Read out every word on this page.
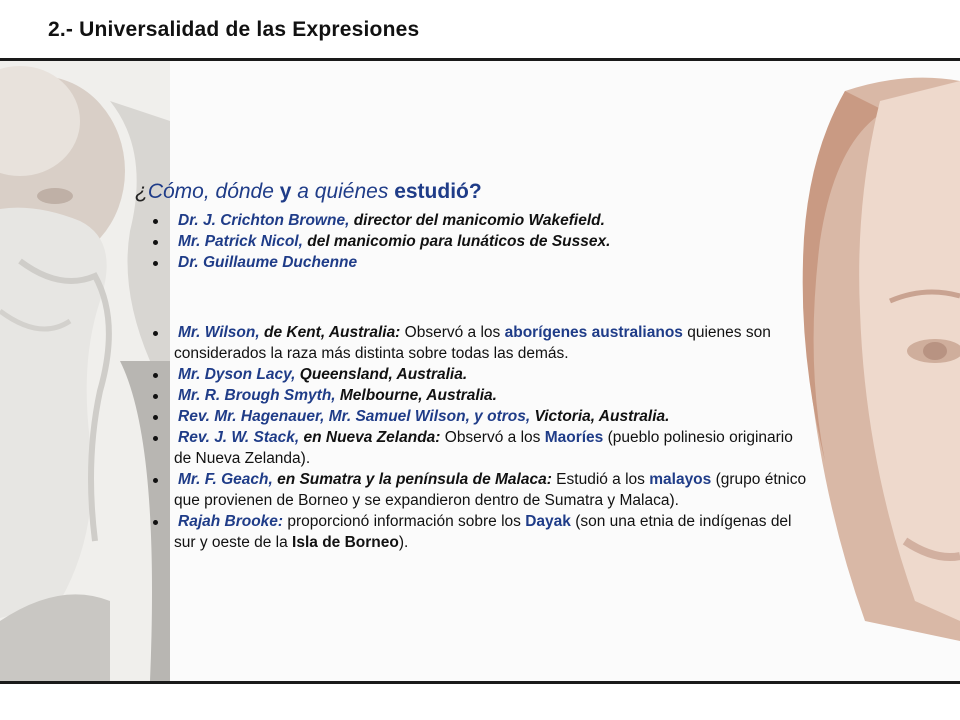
2.- Universalidad de las Expresiones
¿Cómo, dónde y a quiénes estudió?
Dr. J. Crichton Browne, director del manicomio Wakefield.
Mr. Patrick Nicol, del manicomio para lunáticos de Sussex.
Dr. Guillaume Duchenne
Mr. Wilson, de Kent, Australia: Observó a los aborígenes australianos quienes son considerados la raza más distinta sobre todas las demás.
Mr. Dyson Lacy, Queensland, Australia.
Mr. R. Brough Smyth, Melbourne, Australia.
Rev. Mr. Hagenauer, Mr. Samuel Wilson, y otros, Victoria, Australia.
Rev. J. W. Stack, en Nueva Zelanda: Observó a los Maoríes (pueblo polinesio originario de Nueva Zelanda).
Mr. F. Geach, en Sumatra y la península de Malaca: Estudió a los malayos (grupo étnico que provienen de Borneo y se expandieron dentro de Sumatra y Malaca).
Rajah Brooke: proporcionó información sobre los Dayak (son una etnia de indígenas del sur y oeste de la Isla de Borneo).
